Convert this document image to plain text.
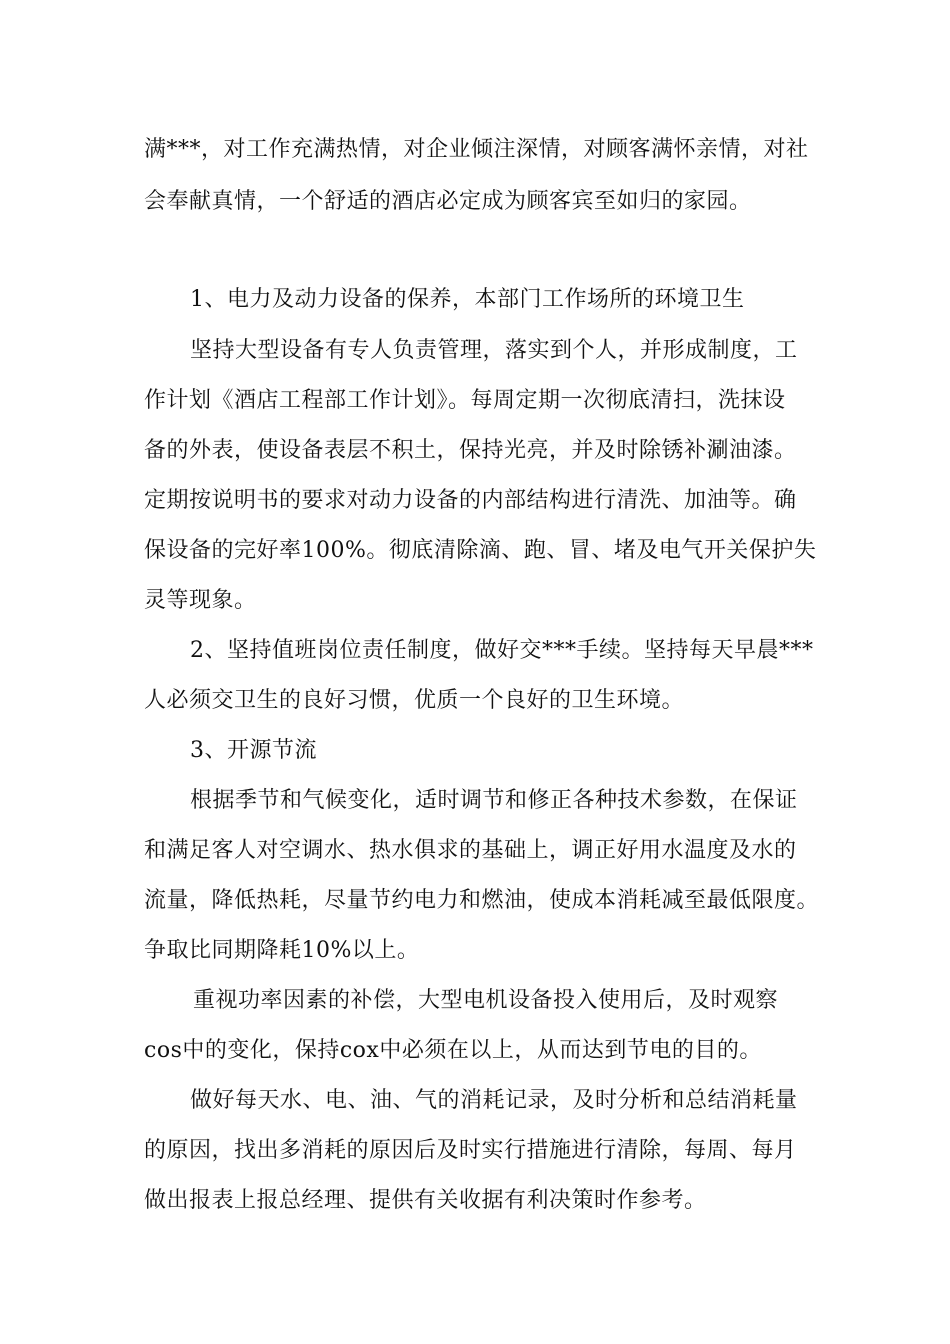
满***，对工作充满热情，对企业倾注深情，对顾客满怀亲情，对社
会奉献真情，一个舒适的酒店必定成为顾客宾至如归的家园。
1、电力及动力设备的保养，本部门工作场所的环境卫生
坚持大型设备有专人负责管理，落实到个人，并形成制度，工
作计划《酒店工程部工作计划》。每周定期一次彻底清扫，洗抹设
备的外表，使设备表层不积土，保持光亮，并及时除锈补涮油漆。
定期按说明书的要求对动力设备的内部结构进行清洗、加油等。确
保设备的完好率100%。彻底清除滴、跑、冒、堵及电气开关保护失
灵等现象。
2、坚持值班岗位责任制度，做好交***手续。坚持每天早晨***
人必须交卫生的良好习惯，优质一个良好的卫生环境。
3、开源节流
根据季节和气候变化，适时调节和修正各种技术参数，在保证
和满足客人对空调水、热水俱求的基础上，调正好用水温度及水的
流量，降低热耗，尽量节约电力和燃油，使成本消耗减至最低限度。
争取比同期降耗10%以上。
重视功率因素的补偿，大型电机设备投入使用后，及时观察
cos中的变化，保持cox中必须在以上，从而达到节电的目的。
做好每天水、电、油、气的消耗记录，及时分析和总结消耗量
的原因，找出多消耗的原因后及时实行措施进行清除，每周、每月
做出报表上报总经理、提供有关收据有利决策时作参考。
